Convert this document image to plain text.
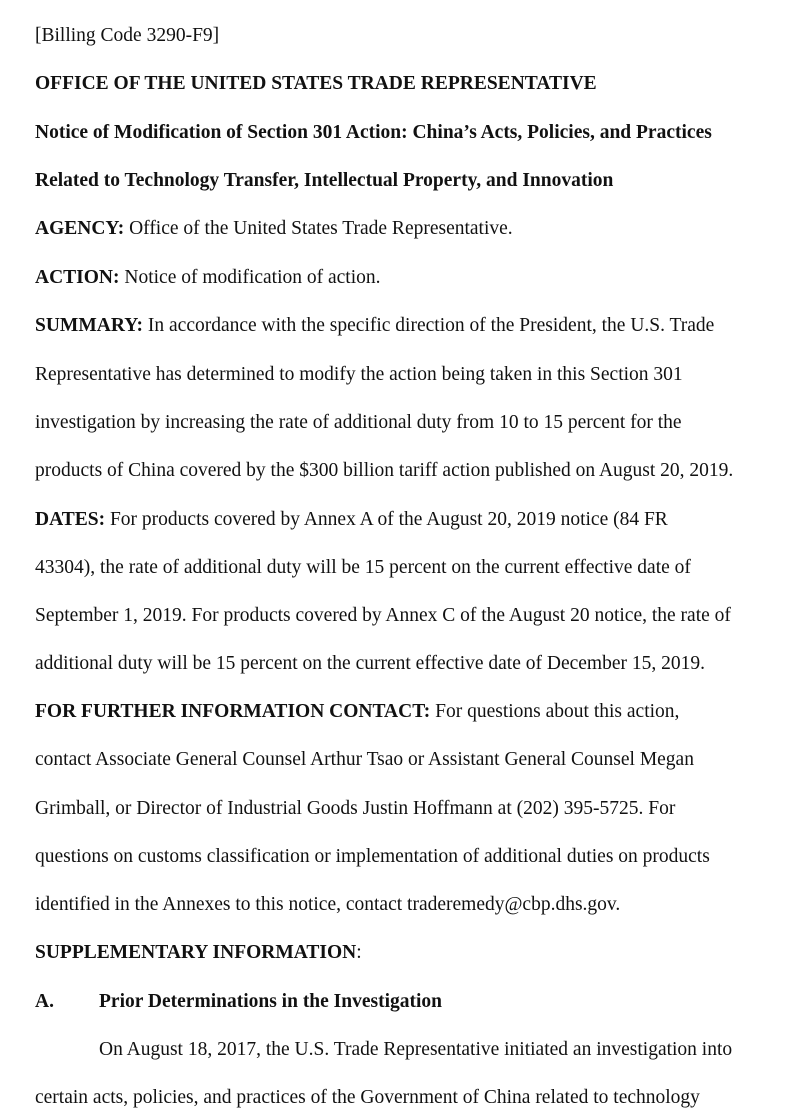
[Billing Code 3290-F9]
OFFICE OF THE UNITED STATES TRADE REPRESENTATIVE
Notice of Modification of Section 301 Action: China’s Acts, Policies, and Practices
Related to Technology Transfer, Intellectual Property, and Innovation
AGENCY: Office of the United States Trade Representative.
ACTION: Notice of modification of action.
SUMMARY: In accordance with the specific direction of the President, the U.S. Trade
Representative has determined to modify the action being taken in this Section 301
investigation by increasing the rate of additional duty from 10 to 15 percent for the
products of China covered by the $300 billion tariff action published on August 20, 2019.
DATES: For products covered by Annex A of the August 20, 2019 notice (84 FR
43304), the rate of additional duty will be 15 percent on the current effective date of
September 1, 2019. For products covered by Annex C of the August 20 notice, the rate of
additional duty will be 15 percent on the current effective date of December 15, 2019.
FOR FURTHER INFORMATION CONTACT: For questions about this action,
contact Associate General Counsel Arthur Tsao or Assistant General Counsel Megan
Grimball, or Director of Industrial Goods Justin Hoffmann at (202) 395-5725. For
questions on customs classification or implementation of additional duties on products
identified in the Annexes to this notice, contact traderemedy@cbp.dhs.gov.
SUPPLEMENTARY INFORMATION:
A. Prior Determinations in the Investigation
On August 18, 2017, the U.S. Trade Representative initiated an investigation into
certain acts, policies, and practices of the Government of China related to technology
